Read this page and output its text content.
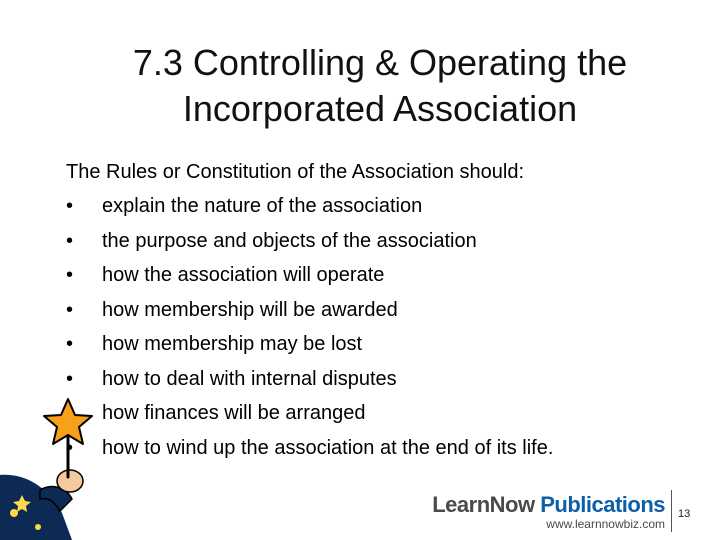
7.3 Controlling & Operating the
Incorporated Association
The Rules or Constitution of the Association should:
•	explain the nature of the association
•	the purpose and objects of the association
•	how the association will operate
•	how membership will be awarded
•	how membership may be lost
•	how to deal with internal disputes
how finances will be arranged
•	how to wind up the association at the end of its life.
LearnNow Publications
www.learnnowbiz.com
13
